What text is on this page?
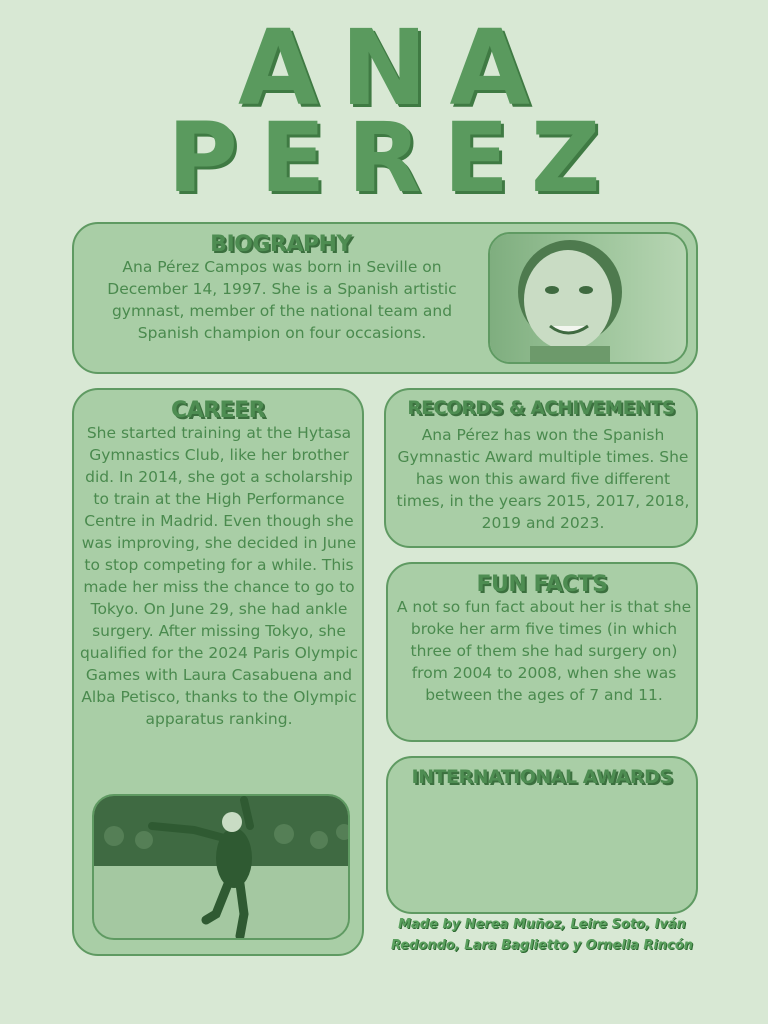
ANA
PEREZ
BIOGRAPHY
Ana Pérez Campos was born in Seville on December 14, 1997. She is a Spanish artistic gymnast, member of the national team and Spanish champion on four occasions.
CAREER
She started training at the Hytasa Gymnastics Club, like her brother did. In 2014, she got a scholarship to train at the High Performance Centre in Madrid. Even though she was improving, she decided in June to stop competing for a while. This made her miss the chance to go to Tokyo. On June 29, she had ankle surgery. After missing Tokyo, she qualified for the 2024 Paris Olympic Games with Laura Casabuena and Alba Petisco, thanks to the Olympic apparatus ranking.
RECORDS & ACHIVEMENTS
Ana Pérez has won the Spanish Gymnastic Award multiple times. She has won this award five different times, in the years 2015, 2017, 2018, 2019 and 2023.
FUN FACTS
A not so fun fact about her is that she broke her arm five times (in which three of them she had surgery on) from 2004 to 2008, when she was between the ages of 7 and 11.
INTERNATIONAL AWARDS
Made by Nerea Muñoz, Leire Soto, Iván Redondo, Lara Baglietto y Ornella Rincón
